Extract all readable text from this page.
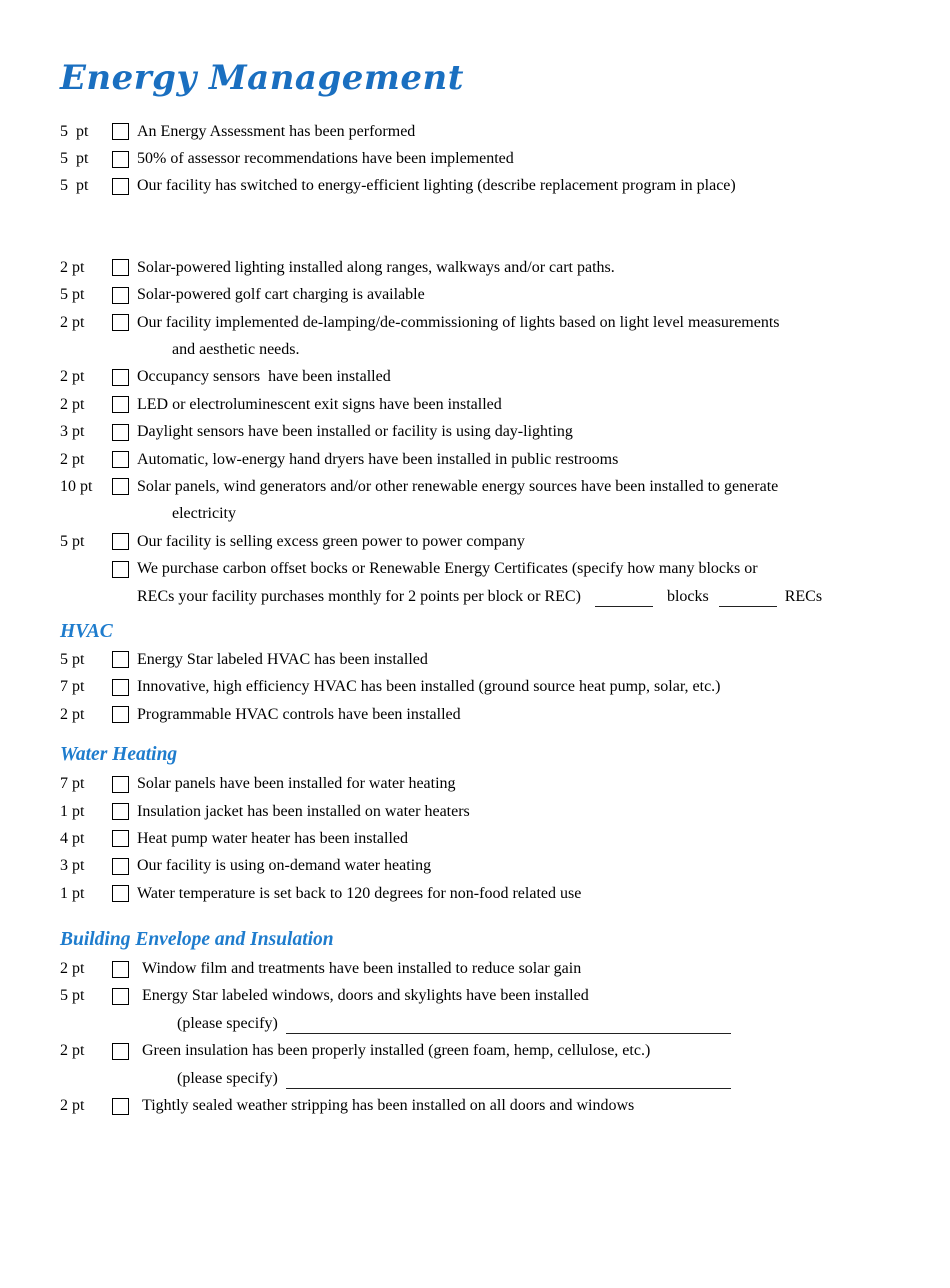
Energy Management
5  pt	An Energy Assessment has been performed
5  pt	50% of assessor recommendations have been implemented
5  pt	Our facility has switched to energy-efficient lighting (describe replacement program in place)
2 pt	Solar-powered lighting installed along ranges, walkways and/or cart paths.
5 pt	Solar-powered golf cart charging is available
2 pt	Our facility implemented de-lamping/de-commissioning of lights based on light level measurements
and aesthetic needs.
2 pt	Occupancy sensors  have been installed
2 pt	LED or electroluminescent exit signs have been installed
3 pt	Daylight sensors have been installed or facility is using day-lighting
2 pt	Automatic, low-energy hand dryers have been installed in public restrooms
10 pt	Solar panels, wind generators and/or other renewable energy sources have been installed to generate
electricity
5 pt	Our facility is selling excess green power to power company
We purchase carbon offset bocks or Renewable Energy Certificates (specify how many blocks or
RECs your facility purchases monthly for 2 points per block or REC)	blocks	RECs
HVAC
5 pt	Energy Star labeled HVAC has been installed
7 pt	Innovative, high efficiency HVAC has been installed (ground source heat pump, solar, etc.)
2 pt	Programmable HVAC controls have been installed
Water Heating
7 pt	Solar panels have been installed for water heating
1 pt	Insulation jacket has been installed on water heaters
4 pt	Heat pump water heater has been installed
3 pt	Our facility is using on-demand water heating
1 pt	Water temperature is set back to 120 degrees for non-food related use
Building Envelope and Insulation
2 pt	Window film and treatments have been installed to reduce solar gain
5 pt	Energy Star labeled windows, doors and skylights have been installed
(please specify)
2 pt	Green insulation has been properly installed (green foam, hemp, cellulose, etc.)
(please specify)
2 pt	Tightly sealed weather stripping has been installed on all doors and windows
